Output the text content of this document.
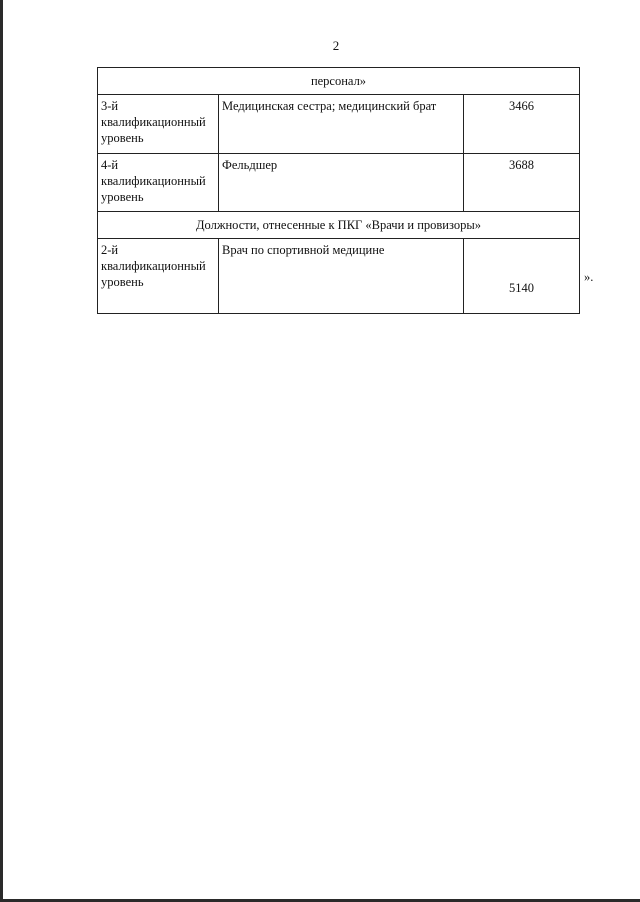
2
персонал»		
3-й квалификационный уровень	Медицинская сестра; медицинский брат	3466
4-й квалификационный уровень	Фельдшер	3688
Должности, отнесенные к ПКГ «Врачи и провизоры»		
2-й квалификационный уровень	Врач по спортивной медицине	5140
».
